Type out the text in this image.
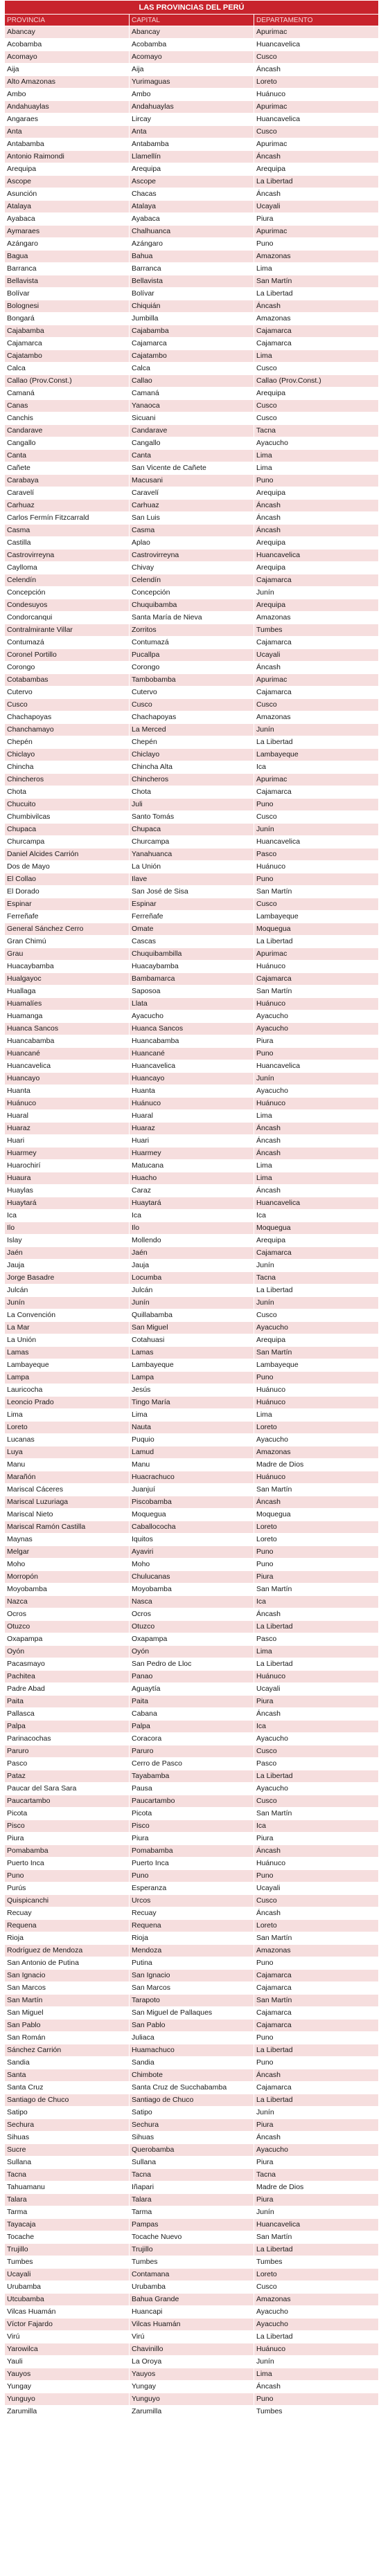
LAS PROVINCIAS DEL PERÚ		
PROVINCIA	CAPITAL	DEPARTAMENTO
Abancay	Abancay	Apurimac
Acobamba	Acobamba	Huancavelica
Acomayo	Acomayo	Cusco
Aija	Aija	Áncash
Alto Amazonas	Yurimaguas	Loreto
Ambo	Ambo	Huánuco
Andahuaylas	Andahuaylas	Apurimac
Angaraes	Lircay	Huancavelica
Anta	Anta	Cusco
Antabamba	Antabamba	Apurimac
Antonio Raimondi	Llamellín	Áncash
Arequipa	Arequipa	Arequipa
Ascope	Ascope	La Libertad
Asunción	Chacas	Áncash
Atalaya	Atalaya	Ucayali
Ayabaca	Ayabaca	Piura
Aymaraes	Chalhuanca	Apurimac
Azángaro	Azángaro	Puno
Bagua	Bahua	Amazonas
Barranca	Barranca	Lima
Bellavista	Bellavista	San Martín
Bolívar	Bolívar	La Libertad
Bolognesi	Chiquián	Áncash
Bongará	Jumbilla	Amazonas
Cajabamba	Cajabamba	Cajamarca
Cajamarca	Cajamarca	Cajamarca
Cajatambo	Cajatambo	Lima
Calca	Calca	Cusco
Callao (Prov.Const.)	Callao	Callao (Prov.Const.)
Camaná	Camaná	Arequipa
Canas	Yanaoca	Cusco
Canchis	Sicuani	Cusco
Candarave	Candarave	Tacna
Cangallo	Cangallo	Ayacucho
Canta	Canta	Lima
Cañete	San Vicente de Cañete	Lima
Carabaya	Macusani	Puno
Caravelí	Caravelí	Arequipa
Carhuaz	Carhuaz	Áncash
Carlos Fermín Fitzcarrald	San Luis	Áncash
Casma	Casma	Áncash
Castilla	Aplao	Arequipa
Castrovirreyna	Castrovirreyna	Huancavelica
Caylloma	Chivay	Arequipa
Celendín	Celendín	Cajamarca
Concepción	Concepción	Junín
Condesuyos	Chuquibamba	Arequipa
Condorcanqui	Santa María de Nieva	Amazonas
Contralmirante Villar	Zorritos	Tumbes
Contumazá	Contumazá	Cajamarca
Coronel Portillo	Pucallpa	Ucayali
Corongo	Corongo	Áncash
Cotabambas	Tambobamba	Apurimac
Cutervo	Cutervo	Cajamarca
Cusco	Cusco	Cusco
Chachapoyas	Chachapoyas	Amazonas
Chanchamayo	La Merced	Junín
Chepén	Chepén	La Libertad
Chiclayo	Chiclayo	Lambayeque
Chincha	Chincha Alta	Ica
Chincheros	Chincheros	Apurimac
Chota	Chota	Cajamarca
Chucuito	Juli	Puno
Chumbivilcas	Santo Tomás	Cusco
Chupaca	Chupaca	Junín
Churcampa	Churcampa	Huancavelica
Daniel Alcides Carrión	Yanahuanca	Pasco
Dos de Mayo	La Unión	Huánuco
El Collao	Ilave	Puno
El Dorado	San José de Sisa	San Martín
Espinar	Espinar	Cusco
Ferreñafe	Ferreñafe	Lambayeque
General Sánchez Cerro	Omate	Moquegua
Gran Chimú	Cascas	La Libertad
Grau	Chuquibambilla	Apurimac
Huacaybamba	Huacaybamba	Huánuco
Hualgayoc	Bambamarca	Cajamarca
Huallaga	Saposoa	San Martín
Huamalíes	Llata	Huánuco
Huamanga	Ayacucho	Ayacucho
Huanca Sancos	Huanca Sancos	Ayacucho
Huancabamba	Huancabamba	Piura
Huancané	Huancané	Puno
Huancavelica	Huancavelica	Huancavelica
Huancayo	Huancayo	Junín
Huanta	Huanta	Ayacucho
Huánuco	Huánuco	Huánuco
Huaral	Huaral	Lima
Huaraz	Huaraz	Áncash
Huari	Huari	Áncash
Huarmey	Huarmey	Áncash
Huarochirí	Matucana	Lima
Huaura	Huacho	Lima
Huaylas	Caraz	Áncash
Huaytará	Huaytará	Huancavelica
Ica	Ica	Ica
Ilo	Ilo	Moquegua
Islay	Mollendo	Arequipa
Jaén	Jaén	Cajamarca
Jauja	Jauja	Junín
Jorge Basadre	Locumba	Tacna
Julcán	Julcán	La Libertad
Junín	Junín	Junín
La Convención	Quillabamba	Cusco
La Mar	San Miguel	Ayacucho
La Unión	Cotahuasi	Arequipa
Lamas	Lamas	San Martín
Lambayeque	Lambayeque	Lambayeque
Lampa	Lampa	Puno
Lauricocha	Jesús	Huánuco
Leoncio Prado	Tingo María	Huánuco
Lima	Lima	Lima
Loreto	Nauta	Loreto
Lucanas	Puquio	Ayacucho
Luya	Lamud	Amazonas
Manu	Manu	Madre de Dios
Marañón	Huacrachuco	Huánuco
Mariscal Cáceres	Juanjuí	San Martín
Mariscal Luzuriaga	Piscobamba	Áncash
Mariscal Nieto	Moquegua	Moquegua
Mariscal Ramón Castilla	Caballococha	Loreto
Maynas	Iquitos	Loreto
Melgar	Ayaviri	Puno
Moho	Moho	Puno
Morropón	Chulucanas	Piura
Moyobamba	Moyobamba	San Martín
Nazca	Nasca	Ica
Ocros	Ocros	Áncash
Otuzco	Otuzco	La Libertad
Oxapampa	Oxapampa	Pasco
Oyón	Oyón	Lima
Pacasmayo	San Pedro de Lloc	La Libertad
Pachitea	Panao	Huánuco
Padre Abad	Aguaytía	Ucayali
Paita	Paita	Piura
Pallasca	Cabana	Áncash
Palpa	Palpa	Ica
Parinacochas	Coracora	Ayacucho
Paruro	Paruro	Cusco
Pasco	Cerro de Pasco	Pasco
Pataz	Tayabamba	La Libertad
Paucar del Sara Sara	Pausa	Ayacucho
Paucartambo	Paucartambo	Cusco
Picota	Picota	San Martín
Pisco	Pisco	Ica
Piura	Piura	Piura
Pomabamba	Pomabamba	Áncash
Puerto Inca	Puerto Inca	Huánuco
Puno	Puno	Puno
Purús	Esperanza	Ucayali
Quispicanchi	Urcos	Cusco
Recuay	Recuay	Áncash
Requena	Requena	Loreto
Rioja	Rioja	San Martín
Rodríguez de Mendoza	Mendoza	Amazonas
San Antonio de Putina	Putina	Puno
San Ignacio	San Ignacio	Cajamarca
San Marcos	San Marcos	Cajamarca
San Martín	Tarapoto	San Martín
San Miguel	San Miguel de Pallaques	Cajamarca
San Pablo	San Pablo	Cajamarca
San Román	Juliaca	Puno
Sánchez Carrión	Huamachuco	La Libertad
Sandia	Sandia	Puno
Santa	Chimbote	Áncash
Santa Cruz	Santa Cruz de Succhabamba	Cajamarca
Santiago de Chuco	Santiago de Chuco	La Libertad
Satipo	Satipo	Junín
Sechura	Sechura	Piura
Sihuas	Sihuas	Áncash
Sucre	Querobamba	Ayacucho
Sullana	Sullana	Piura
Tacna	Tacna	Tacna
Tahuamanu	Iñapari	Madre de Dios
Talara	Talara	Piura
Tarma	Tarma	Junín
Tayacaja	Pampas	Huancavelica
Tocache	Tocache Nuevo	San Martín
Trujillo	Trujillo	La Libertad
Tumbes	Tumbes	Tumbes
Ucayali	Contamana	Loreto
Urubamba	Urubamba	Cusco
Utcubamba	Bahua Grande	Amazonas
Vilcas Huamán	Huancapi	Ayacucho
Víctor Fajardo	Vilcas Huamán	Ayacucho
Virú	Virú	La Libertad
Yarowilca	Chavinillo	Huánuco
Yauli	La Oroya	Junín
Yauyos	Yauyos	Lima
Yungay	Yungay	Áncash
Yunguyo	Yunguyo	Puno
Zarumilla	Zarumilla	Tumbes
